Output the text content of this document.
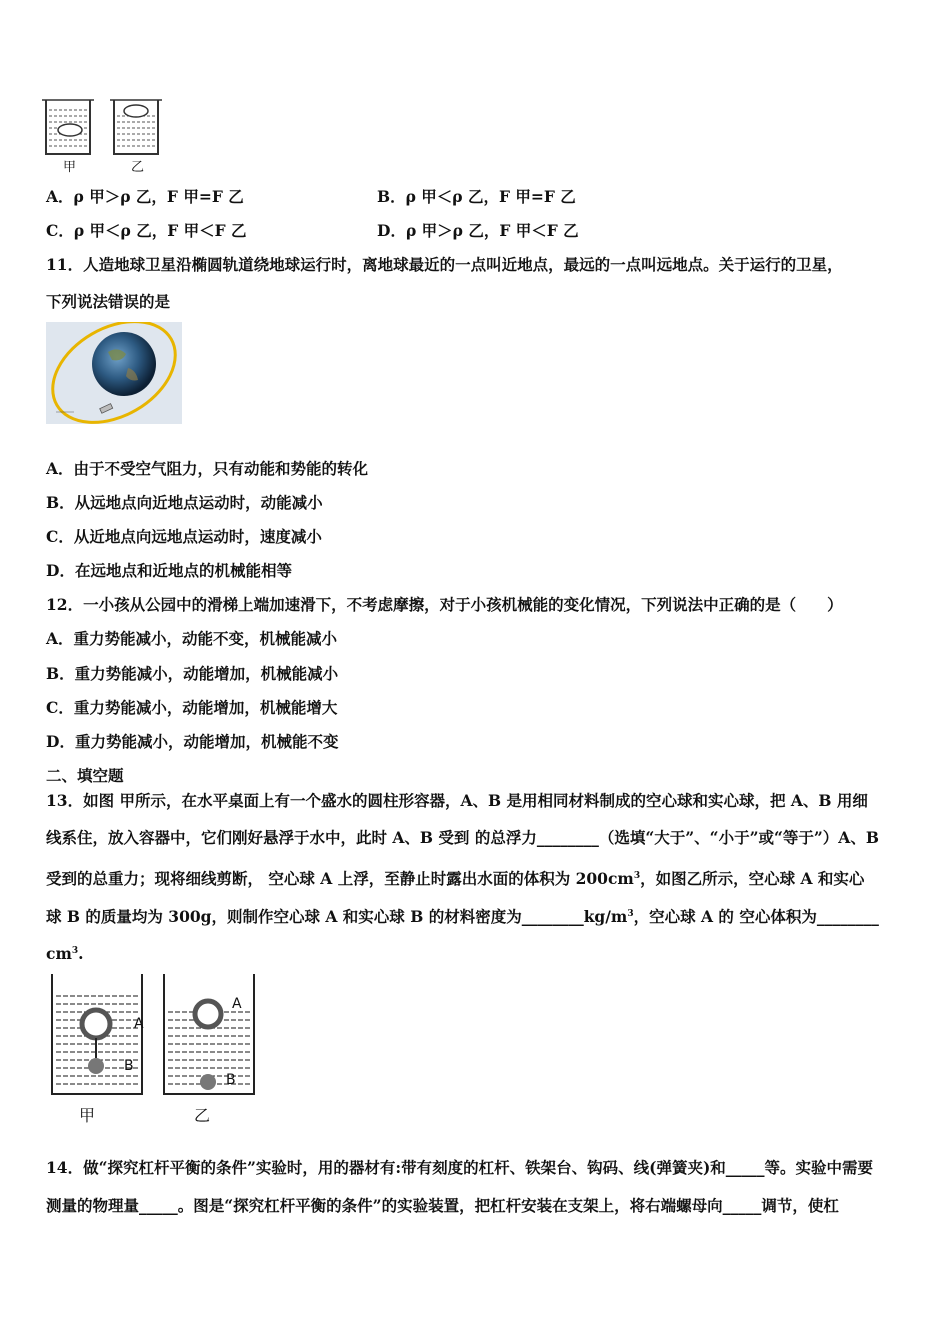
甲	乙
A．ρ 甲＞ρ 乙，F 甲=F 乙	B．ρ 甲＜ρ 乙，F 甲=F 乙
C．ρ 甲＜ρ 乙，F 甲＜F 乙	D．ρ 甲＞ρ 乙，F 甲＜F 乙
11．人造地球卫星沿椭圆轨道绕地球运行时，离地球最近的一点叫近地点，最远的一点叫远地点。关于运行的卫星，
下列说法错误的是
A．由于不受空气阻力，只有动能和势能的转化
B．从远地点向近地点运动时，动能减小
C．从近地点向远地点运动时，速度减小
D．在远地点和近地点的机械能相等
12．一小孩从公园中的滑梯上端加速滑下，不考虑摩擦，对于小孩机械能的变化情况，下列说法中正确的是（　　）
A．重力势能减小，动能不变，机械能减小
B．重力势能减小，动能增加，机械能减小
C．重力势能减小，动能增加，机械能增大
D．重力势能减小，动能增加，机械能不变
二、填空题
13．如图 甲所示，在水平桌面上有一个盛水的圆柱形容器，A、B 是用相同材料制成的空心球和实心球，把 A、B 用细
线系住，放入容器中，它们刚好悬浮于水中，此时 A、B 受到 的总浮力________（选填“大于”、“小于”或“等于”）A、B
受到的总重力；现将细线剪断， 空心球 A 上浮，至静止时露出水面的体积为 $200cm^3$，如图乙所示，空心球 A 和实心
球 B 的质量均为 300g，则制作空心球 A 和实心球 B 的材料密度为$\_\_\_\_\_\_\_\_kg/m^3$，空心球 A 的 空心体积为________
$cm^3$.
A
B
A
B
甲	乙
14．做“探究杠杆平衡的条件”实验时，用的器材有:带有刻度的杠杆、铁架台、钩码、线(弹簧夹)和_____等。实验中需要
测量的物理量_____。图是“探究杠杆平衡的条件”的实验装置，把杠杆安装在支架上，将右端螺母向_____调节，使杠
